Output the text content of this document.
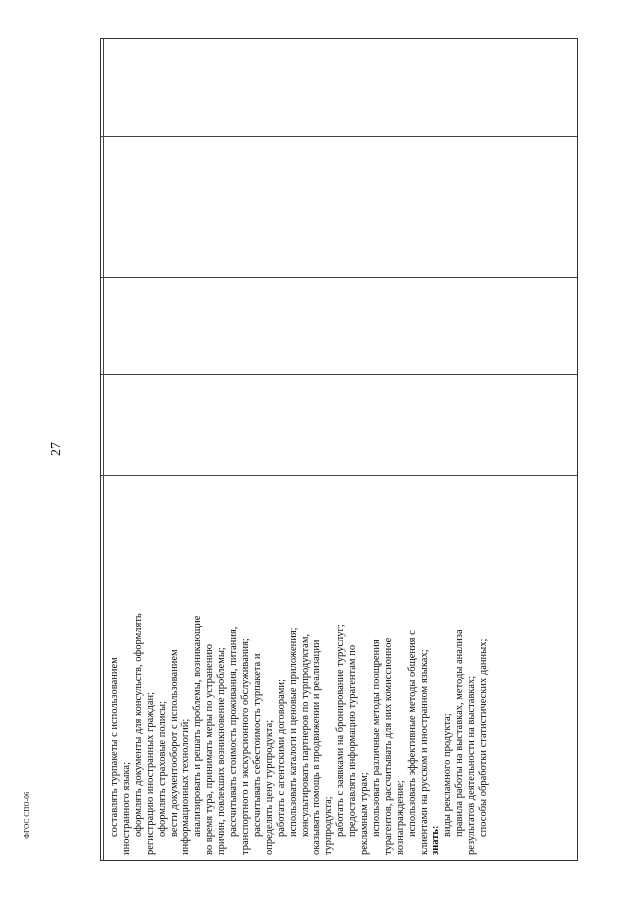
27
ФГОС СПО-06	составлять турпакеты с использованием иностранного языка; оформлять документы для консульств, оформлять регистрацию иностранных граждан; оформлять страховые полисы; вести документооборот с использованием информационных технологий; анализировать и решать проблемы, возникающие во время тура, принимать меры по устранению причин, повлекших возникновение проблемы; рассчитывать стоимость проживания, питания, транспортного и экскурсионного обслуживания; рассчитывать себестоимость турпакета и определять цену турпродукта; работать с агентскими договорами; использовать каталоги и ценовые приложения; консультировать партнеров по турпродуктам, оказывать помощь в продвижении и реализации турпродукта; работать с заявками на бронирование туруслуг; предоставлять информацию турагентам по рекламным турам; использовать различные методы поощрения турагентов, рассчитывать для них комиссионное вознаграждение; использовать эффективные методы общения с клиентами на русском и иностранном языках; знать:
виды рекламного продукта; правила работы на выставках, методы анализа результатов деятельности на выставках; способы обработки статистических данных;
